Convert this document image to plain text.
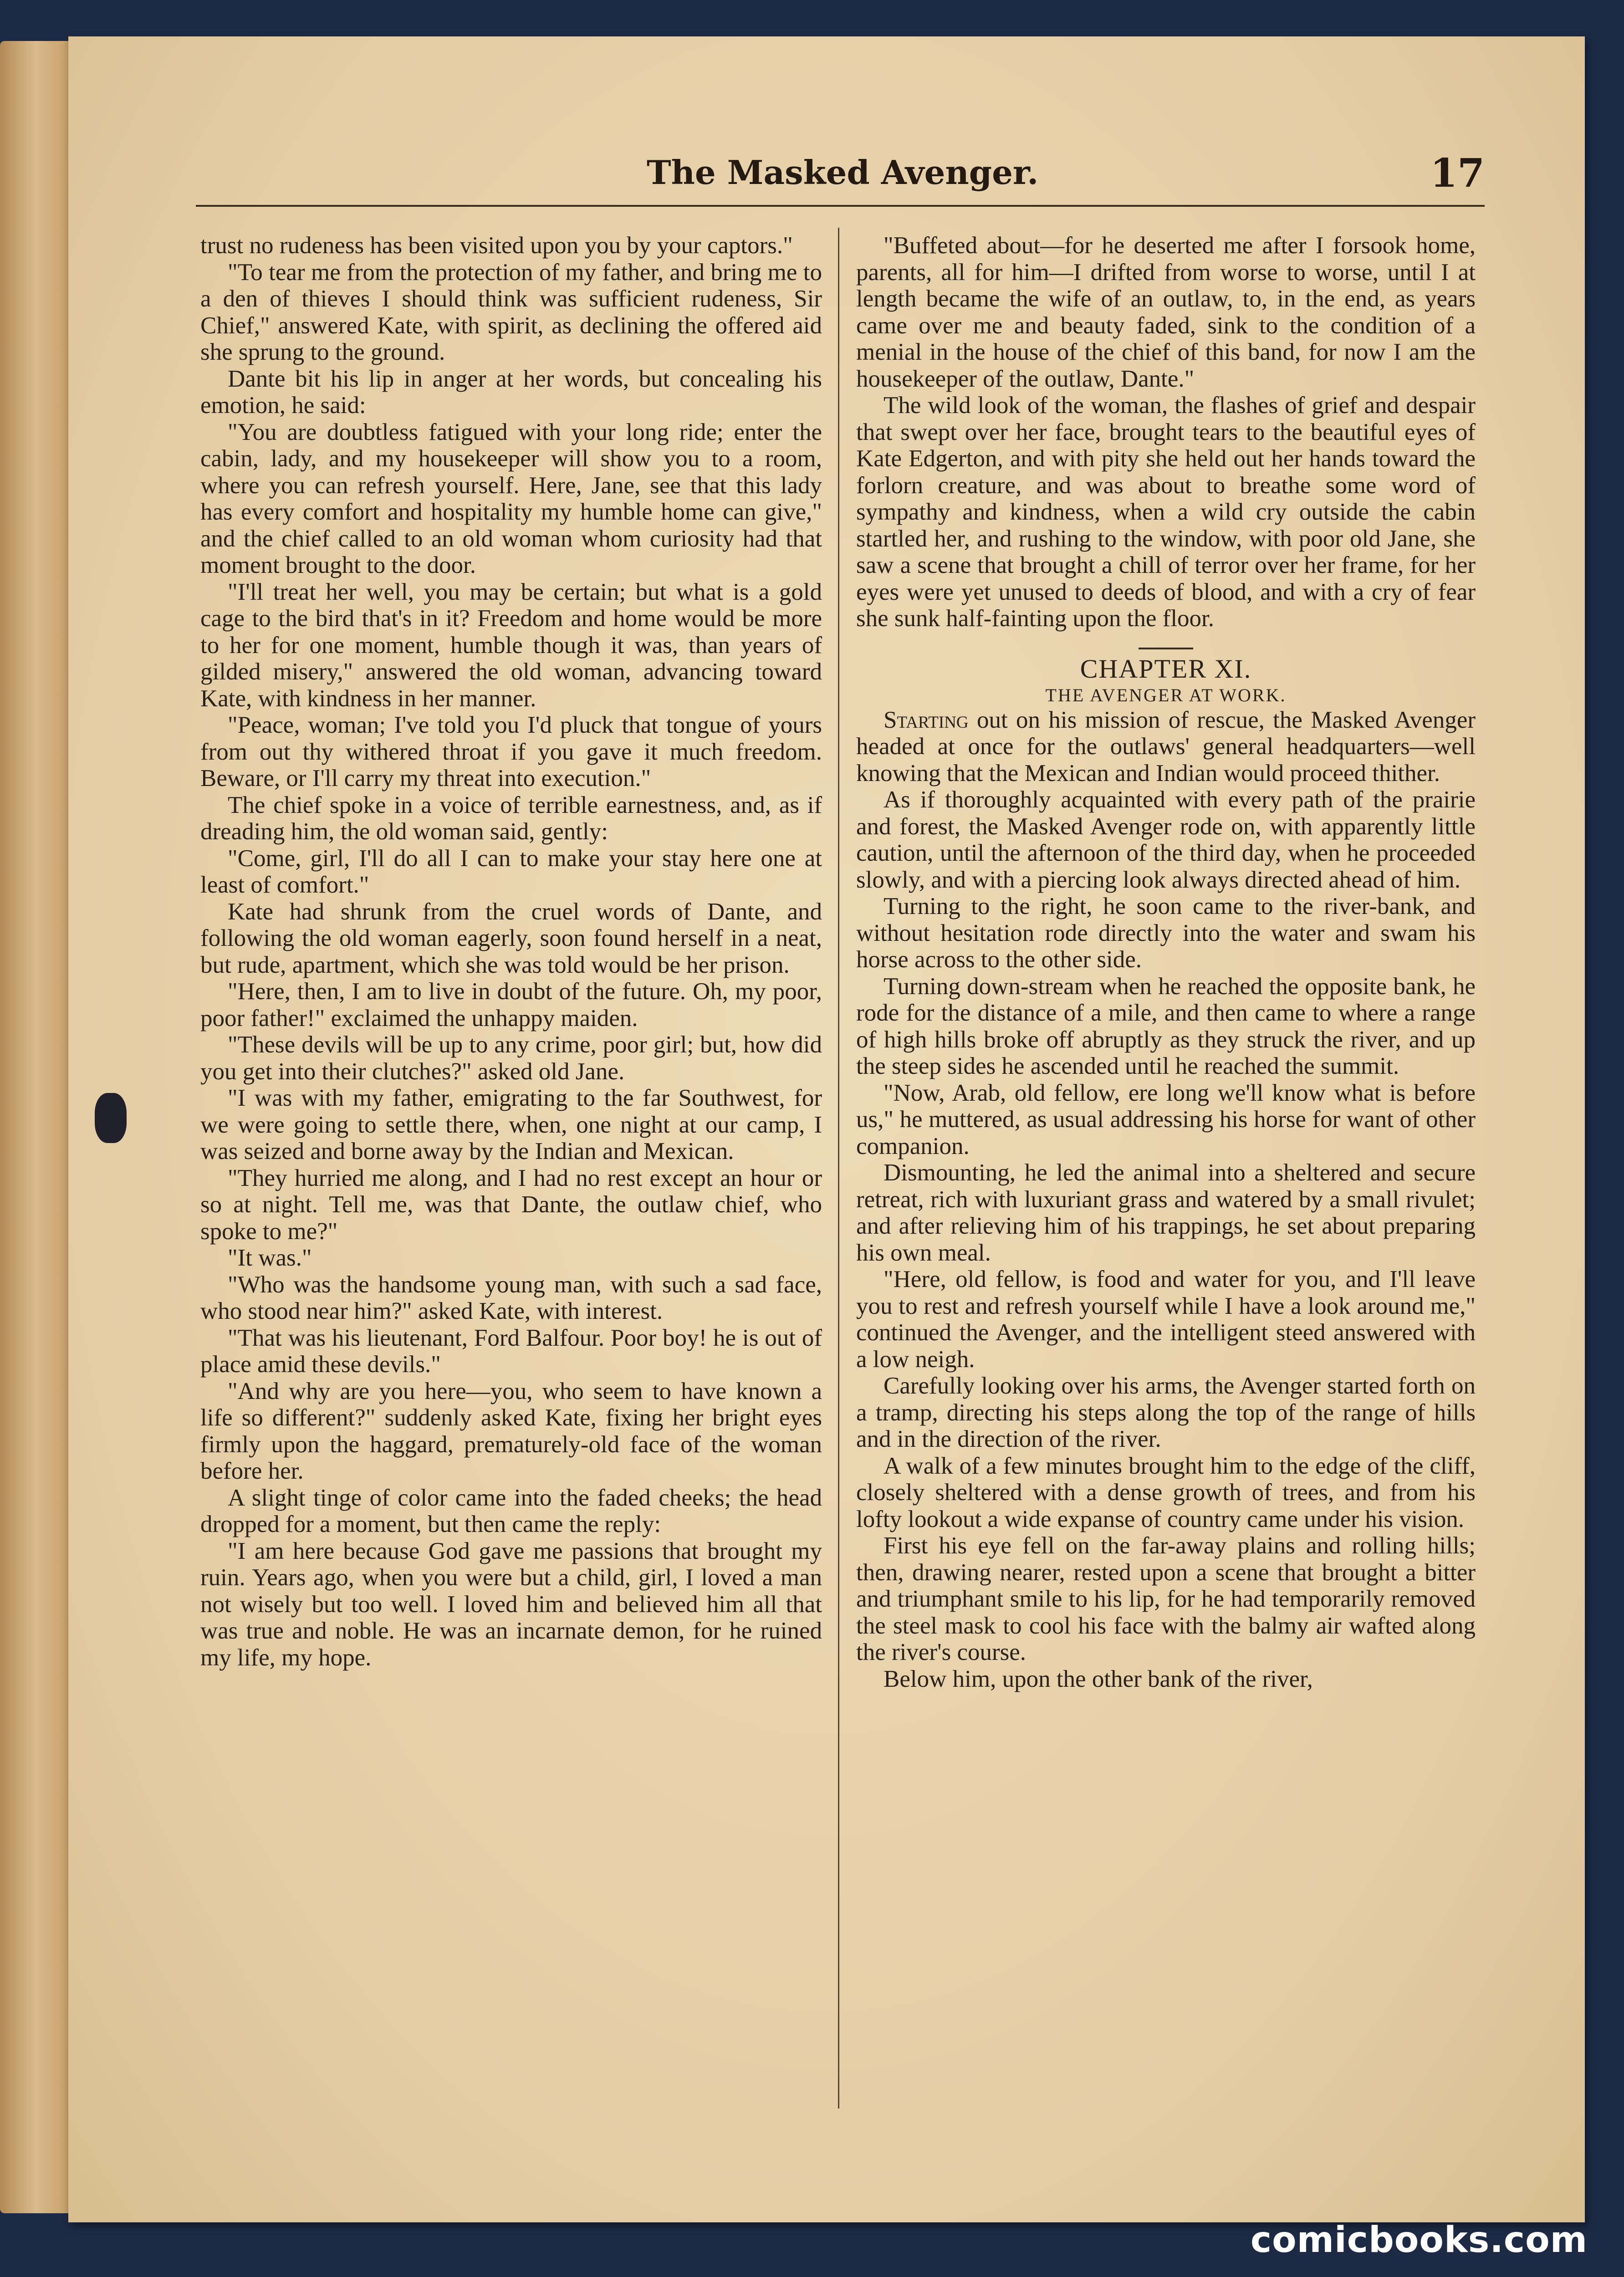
The Masked Avenger.	17

trust no rudeness has been visited upon you by your captors."

"To tear me from the protection of my father, and bring me to a den of thieves I should think was sufficient rudeness, Sir Chief," answered Kate, with spirit, as declining the offered aid she sprung to the ground.

Dante bit his lip in anger at her words, but concealing his emotion, he said:

"You are doubtless fatigued with your long ride; enter the cabin, lady, and my housekeeper will show you to a room, where you can refresh yourself. Here, Jane, see that this lady has every comfort and hospitality my humble home can give," and the chief called to an old woman whom curiosity had that moment brought to the door.

"I'll treat her well, you may be certain; but what is a gold cage to the bird that's in it? Freedom and home would be more to her for one moment, humble though it was, than years of gilded misery," answered the old woman, advancing toward Kate, with kindness in her manner.

"Peace, woman; I've told you I'd pluck that tongue of yours from out thy withered throat if you gave it much freedom. Beware, or I'll carry my threat into execution."

The chief spoke in a voice of terrible earnestness, and, as if dreading him, the old woman said, gently:

"Come, girl, I'll do all I can to make your stay here one at least of comfort."

Kate had shrunk from the cruel words of Dante, and following the old woman eagerly, soon found herself in a neat, but rude, apartment, which she was told would be her prison.

"Here, then, I am to live in doubt of the future. Oh, my poor, poor father!" exclaimed the unhappy maiden.

"These devils will be up to any crime, poor girl; but, how did you get into their clutches?" asked old Jane.

"I was with my father, emigrating to the far Southwest, for we were going to settle there, when, one night at our camp, I was seized and borne away by the Indian and Mexican.

"They hurried me along, and I had no rest except an hour or so at night. Tell me, was that Dante, the outlaw chief, who spoke to me?"

"It was."

"Who was the handsome young man, with such a sad face, who stood near him?" asked Kate, with interest.

"That was his lieutenant, Ford Balfour. Poor boy! he is out of place amid these devils."

"And why are you here—you, who seem to have known a life so different?" suddenly asked Kate, fixing her bright eyes firmly upon the haggard, prematurely-old face of the woman before her.

A slight tinge of color came into the faded cheeks; the head dropped for a moment, but then came the reply:

"I am here because God gave me passions that brought my ruin. Years ago, when you were but a child, girl, I loved a man not wisely but too well. I loved him and believed him all that was true and noble. He was an incarnate demon, for he ruined my life, my hope.

"Buffeted about—for he deserted me after I forsook home, parents, all for him—I drifted from worse to worse, until I at length became the wife of an outlaw, to, in the end, as years came over me and beauty faded, sink to the condition of a menial in the house of the chief of this band, for now I am the housekeeper of the outlaw, Dante."

The wild look of the woman, the flashes of grief and despair that swept over her face, brought tears to the beautiful eyes of Kate Edgerton, and with pity she held out her hands toward the forlorn creature, and was about to breathe some word of sympathy and kindness, when a wild cry outside the cabin startled her, and rushing to the window, with poor old Jane, she saw a scene that brought a chill of terror over her frame, for her eyes were yet unused to deeds of blood, and with a cry of fear she sunk half-fainting upon the floor.

CHAPTER XI.
THE AVENGER AT WORK.

Starting out on his mission of rescue, the Masked Avenger headed at once for the outlaws' general headquarters—well knowing that the Mexican and Indian would proceed thither.

As if thoroughly acquainted with every path of the prairie and forest, the Masked Avenger rode on, with apparently little caution, until the afternoon of the third day, when he proceeded slowly, and with a piercing look always directed ahead of him.

Turning to the right, he soon came to the river-bank, and without hesitation rode directly into the water and swam his horse across to the other side.

Turning down-stream when he reached the opposite bank, he rode for the distance of a mile, and then came to where a range of high hills broke off abruptly as they struck the river, and up the steep sides he ascended until he reached the summit.

"Now, Arab, old fellow, ere long we'll know what is before us," he muttered, as usual addressing his horse for want of other companion.

Dismounting, he led the animal into a sheltered and secure retreat, rich with luxuriant grass and watered by a small rivulet; and after relieving him of his trappings, he set about preparing his own meal.

"Here, old fellow, is food and water for you, and I'll leave you to rest and refresh yourself while I have a look around me," continued the Avenger, and the intelligent steed answered with a low neigh.

Carefully looking over his arms, the Avenger started forth on a tramp, directing his steps along the top of the range of hills and in the direction of the river.

A walk of a few minutes brought him to the edge of the cliff, closely sheltered with a dense growth of trees, and from his lofty lookout a wide expanse of country came under his vision.

First his eye fell on the far-away plains and rolling hills; then, drawing nearer, rested upon a scene that brought a bitter and triumphant smile to his lip, for he had temporarily removed the steel mask to cool his face with the balmy air wafted along the river's course.

Below him, upon the other bank of the river,

comicbooks.com
